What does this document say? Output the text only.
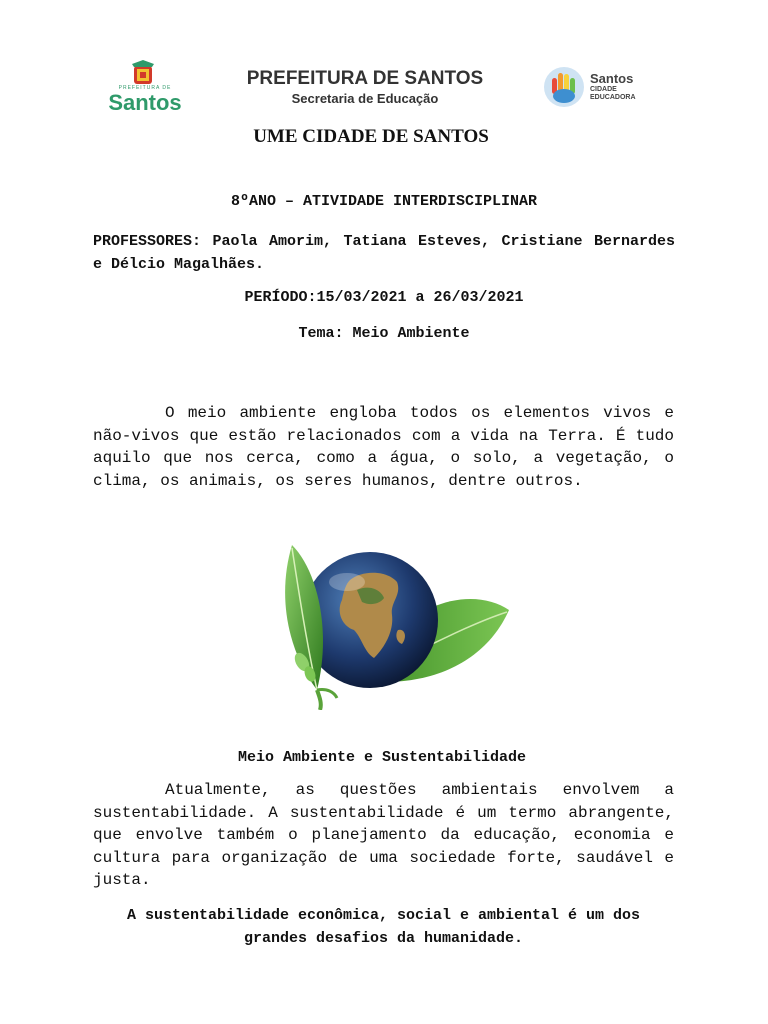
PREFEITURA DE
Santos
PREFEITURA DE SANTOS
Secretaria de Educação
Santos
CIDADE
EDUCADORA
UME CIDADE DE SANTOS
8ºANO – ATIVIDADE INTERDISCIPLINAR
PROFESSORES: Paola Amorim, Tatiana Esteves, Cristiane Bernardes e Délcio Magalhães.
PERÍODO:15/03/2021 a 26/03/2021
Tema: Meio Ambiente
O meio ambiente engloba todos os elementos vivos e não-vivos que estão relacionados com a vida na Terra. É tudo aquilo que nos cerca, como a água, o solo, a vegetação, o clima, os animais, os seres humanos, dentre outros.
Meio Ambiente e Sustentabilidade
Atualmente, as questões ambientais envolvem a sustentabilidade. A sustentabilidade é um termo abrangente, que envolve também o planejamento da educação, economia e cultura para organização de uma sociedade forte, saudável e justa.
A sustentabilidade econômica, social e ambiental é um dos grandes desafios da humanidade.
